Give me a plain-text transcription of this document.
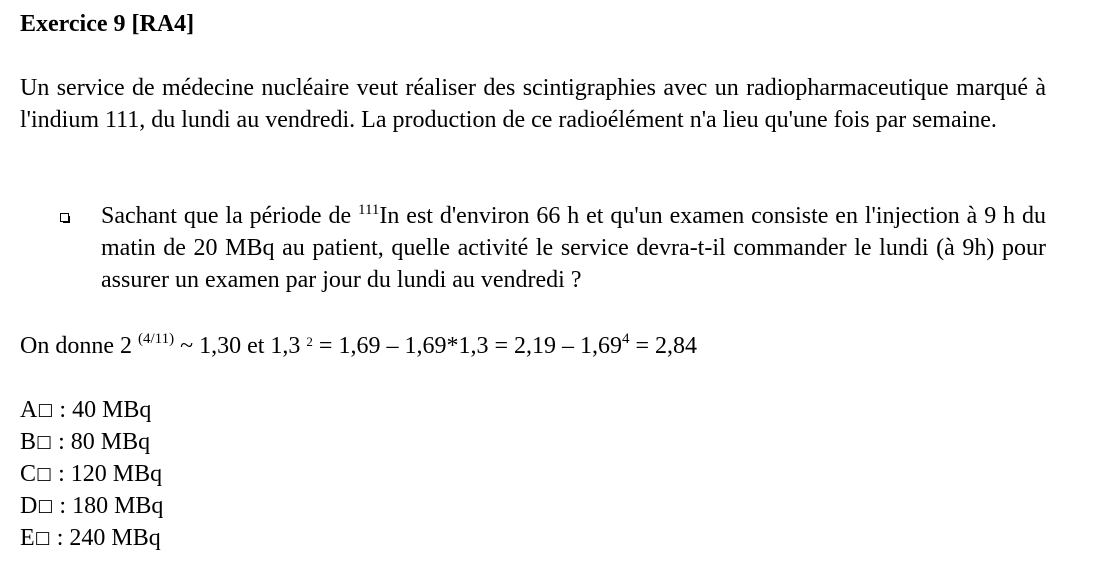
Exercice 9 [RA4]

Un service de médecine nucléaire veut réaliser des scintigraphies avec un radiopharmaceutique marqué à l'indium 111, du lundi au vendredi. La production de ce radioélément n'a lieu qu'une fois par semaine.

Sachant que la période de $^{111}$In est d'environ 66 h et qu'un examen consiste en l'injection à 9 h du matin de 20 MBq au patient, quelle activité le service devra-t-il commander le lundi (à 9h) pour assurer un examen par jour du lundi au vendredi ?

On donne 2 $^{(4/11)}$ ~ 1,30 et 1,3 $^2 = 1,69 - 1,69*1,3 = 2,19 - 1,69^4 = 2,84$
A□ : 40 MBq
B□ : 80 MBq
C□ : 120 MBq
D□ : 180 MBq
E□ : 240 MBq
